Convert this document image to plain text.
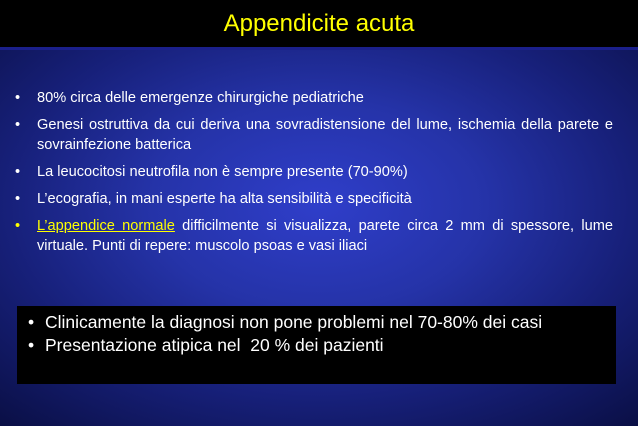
Appendicite acuta
• 80% circa delle emergenze chirurgiche pediatriche
• Genesi ostruttiva da cui deriva una sovradistensione del lume, ischemia della parete e sovrainfezione batterica
• La leucocitosi neutrofila non è sempre presente (70-90%)
• L’ecografia, in mani esperte ha alta sensibilità e specificità
• L’appendice normale difficilmente si visualizza, parete circa 2 mm di spessore, lume virtuale. Punti di repere: muscolo psoas e vasi iliaci
• Clinicamente la diagnosi non pone problemi nel 70-80% dei casi
• Presentazione atipica nel  20 % dei pazienti
